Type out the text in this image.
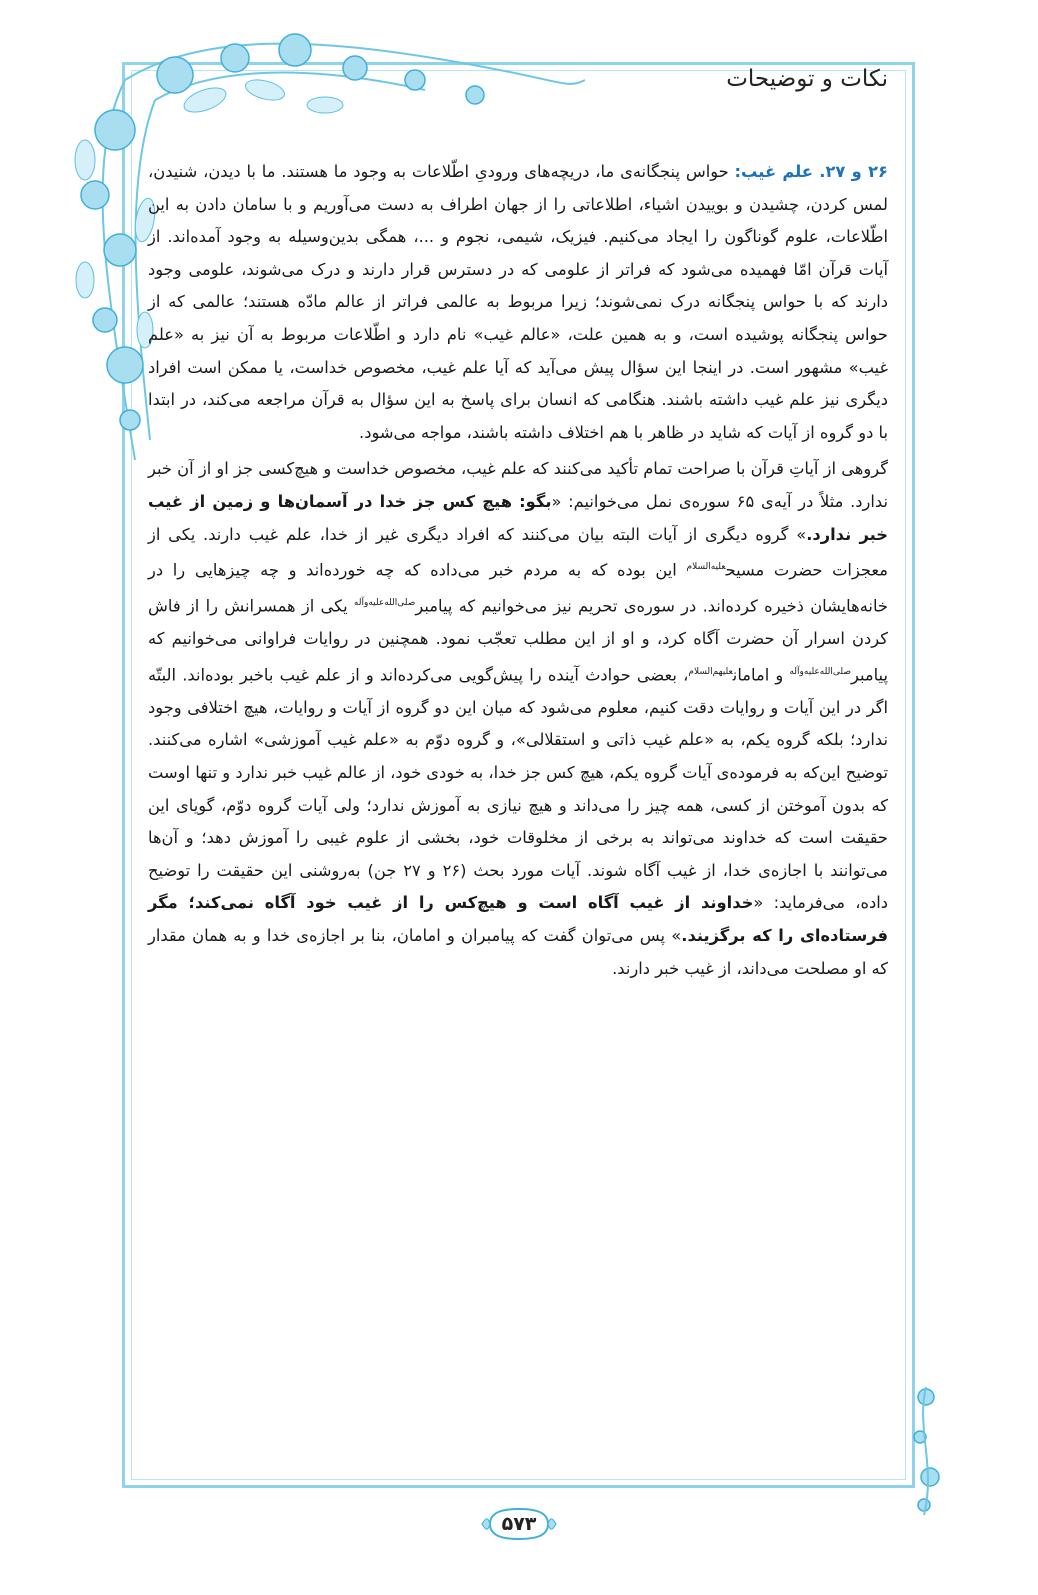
نکات و توضیحات

۲۶ و ۲۷. علم غیب: حواس پنجگانه‌ی ما، دریچه‌های ورودیِ اطّلاعات به وجود ما هستند. ما با دیدن، شنیدن، لمس کردن، چشیدن و بوییدن اشیاء، اطلاعاتی را از جهان اطراف به دست می‌آوریم و با سامان دادن به این اطّلاعات، علوم گوناگون را ایجاد می‌کنیم. فیزیک، شیمی، نجوم و ...، همگی بدین‌وسیله به وجود آمده‌اند. از آیات قرآن امّا فهمیده می‌شود که فراتر از علومی که در دسترس قرار دارند و درک می‌شوند، علومی وجود دارند که با حواس پنجگانه درک نمی‌شوند؛ زیرا مربوط به عالمی فراتر از عالم مادّه هستند؛ عالمی که از حواس پنجگانه پوشیده است، و به همین علت، «عالم غیب» نام دارد و اطّلاعات مربوط به آن نیز به «علم غیب» مشهور است. در اینجا این سؤال پیش می‌آید که آیا علم غیب، مخصوص خداست، یا ممکن است افراد دیگری نیز علم غیب داشته باشند. هنگامی که انسان برای پاسخ به این سؤال به قرآن مراجعه می‌کند، در ابتدا با دو گروه از آیات که شاید در ظاهر با هم اختلاف داشته باشند، مواجه می‌شود.

گروهی از آیاتِ قرآن با صراحت تمام تأکید می‌کنند که علم غیب، مخصوص خداست و هیچ‌کسی جز او از آن خبر ندارد. مثلاً در آیه‌ی ۶۵ سوره‌ی نمل می‌خوانیم: «بگو: هیچ کس جز خدا در آسمان‌ها و زمین از غیب خبر ندارد.» گروه دیگری از آیات البته بیان می‌کنند که افراد دیگری غیر از خدا، علم غیب دارند. یکی از معجزات حضرت مسیح$^{علیه‌السلام}$ این بوده که به مردم خبر می‌داده که چه خورده‌اند و چه چیزهایی را در خانه‌هایشان ذخیره کرده‌اند. در سوره‌ی تحریم نیز می‌خوانیم که پیامبر$^{صلی‌الله‌علیه‌وآله}$ یکی از همسرانش را از فاش کردن اسرار آن حضرت آگاه کرد، و او از این مطلب تعجّب نمود. همچنین در روایات فراوانی می‌خوانیم که پیامبر$^{صلی‌الله‌علیه‌وآله}$ و امامان$^{علیهم‌السلام}$، بعضی حوادث آینده را پیش‌گویی می‌کرده‌اند و از علم غیب باخبر بوده‌اند. البتّه اگر در این آیات و روایات دقت کنیم، معلوم می‌شود که میان این دو گروه از آیات و روایات، هیچ اختلافی وجود ندارد؛ بلکه گروه یکم، به «علم غیب ذاتی و استقلالی»، و گروه دوّم به «علم غیب آموزشی» اشاره می‌کنند. توضیح این‌که به فرموده‌ی آیات گروه یکم، هیچ کس جز خدا، به خودی خود، از عالم غیب خبر ندارد و تنها اوست که بدون آموختن از کسی، همه چیز را می‌داند و هیچ نیازی به آموزش ندارد؛ ولی آیات گروه دوّم، گویای این حقیقت است که خداوند می‌تواند به برخی از مخلوقات خود، بخشی از علوم غیبی را آموزش دهد؛ و آن‌ها می‌توانند با اجازه‌ی خدا، از غیب آگاه شوند. آیات مورد بحث (۲۶ و ۲۷ جن) به‌روشنی این حقیقت را توضیح داده، می‌فرماید: «خداوند از غیب آگاه است و هیچ‌کس را از غیب خود آگاه نمی‌کند؛ مگر فرستاده‌ای را که برگزیند.» پس می‌توان گفت که پیامبران و امامان، بنا بر اجازه‌ی خدا و به همان مقدار که او مصلحت می‌داند، از غیب خبر دارند.

۵۷۳
